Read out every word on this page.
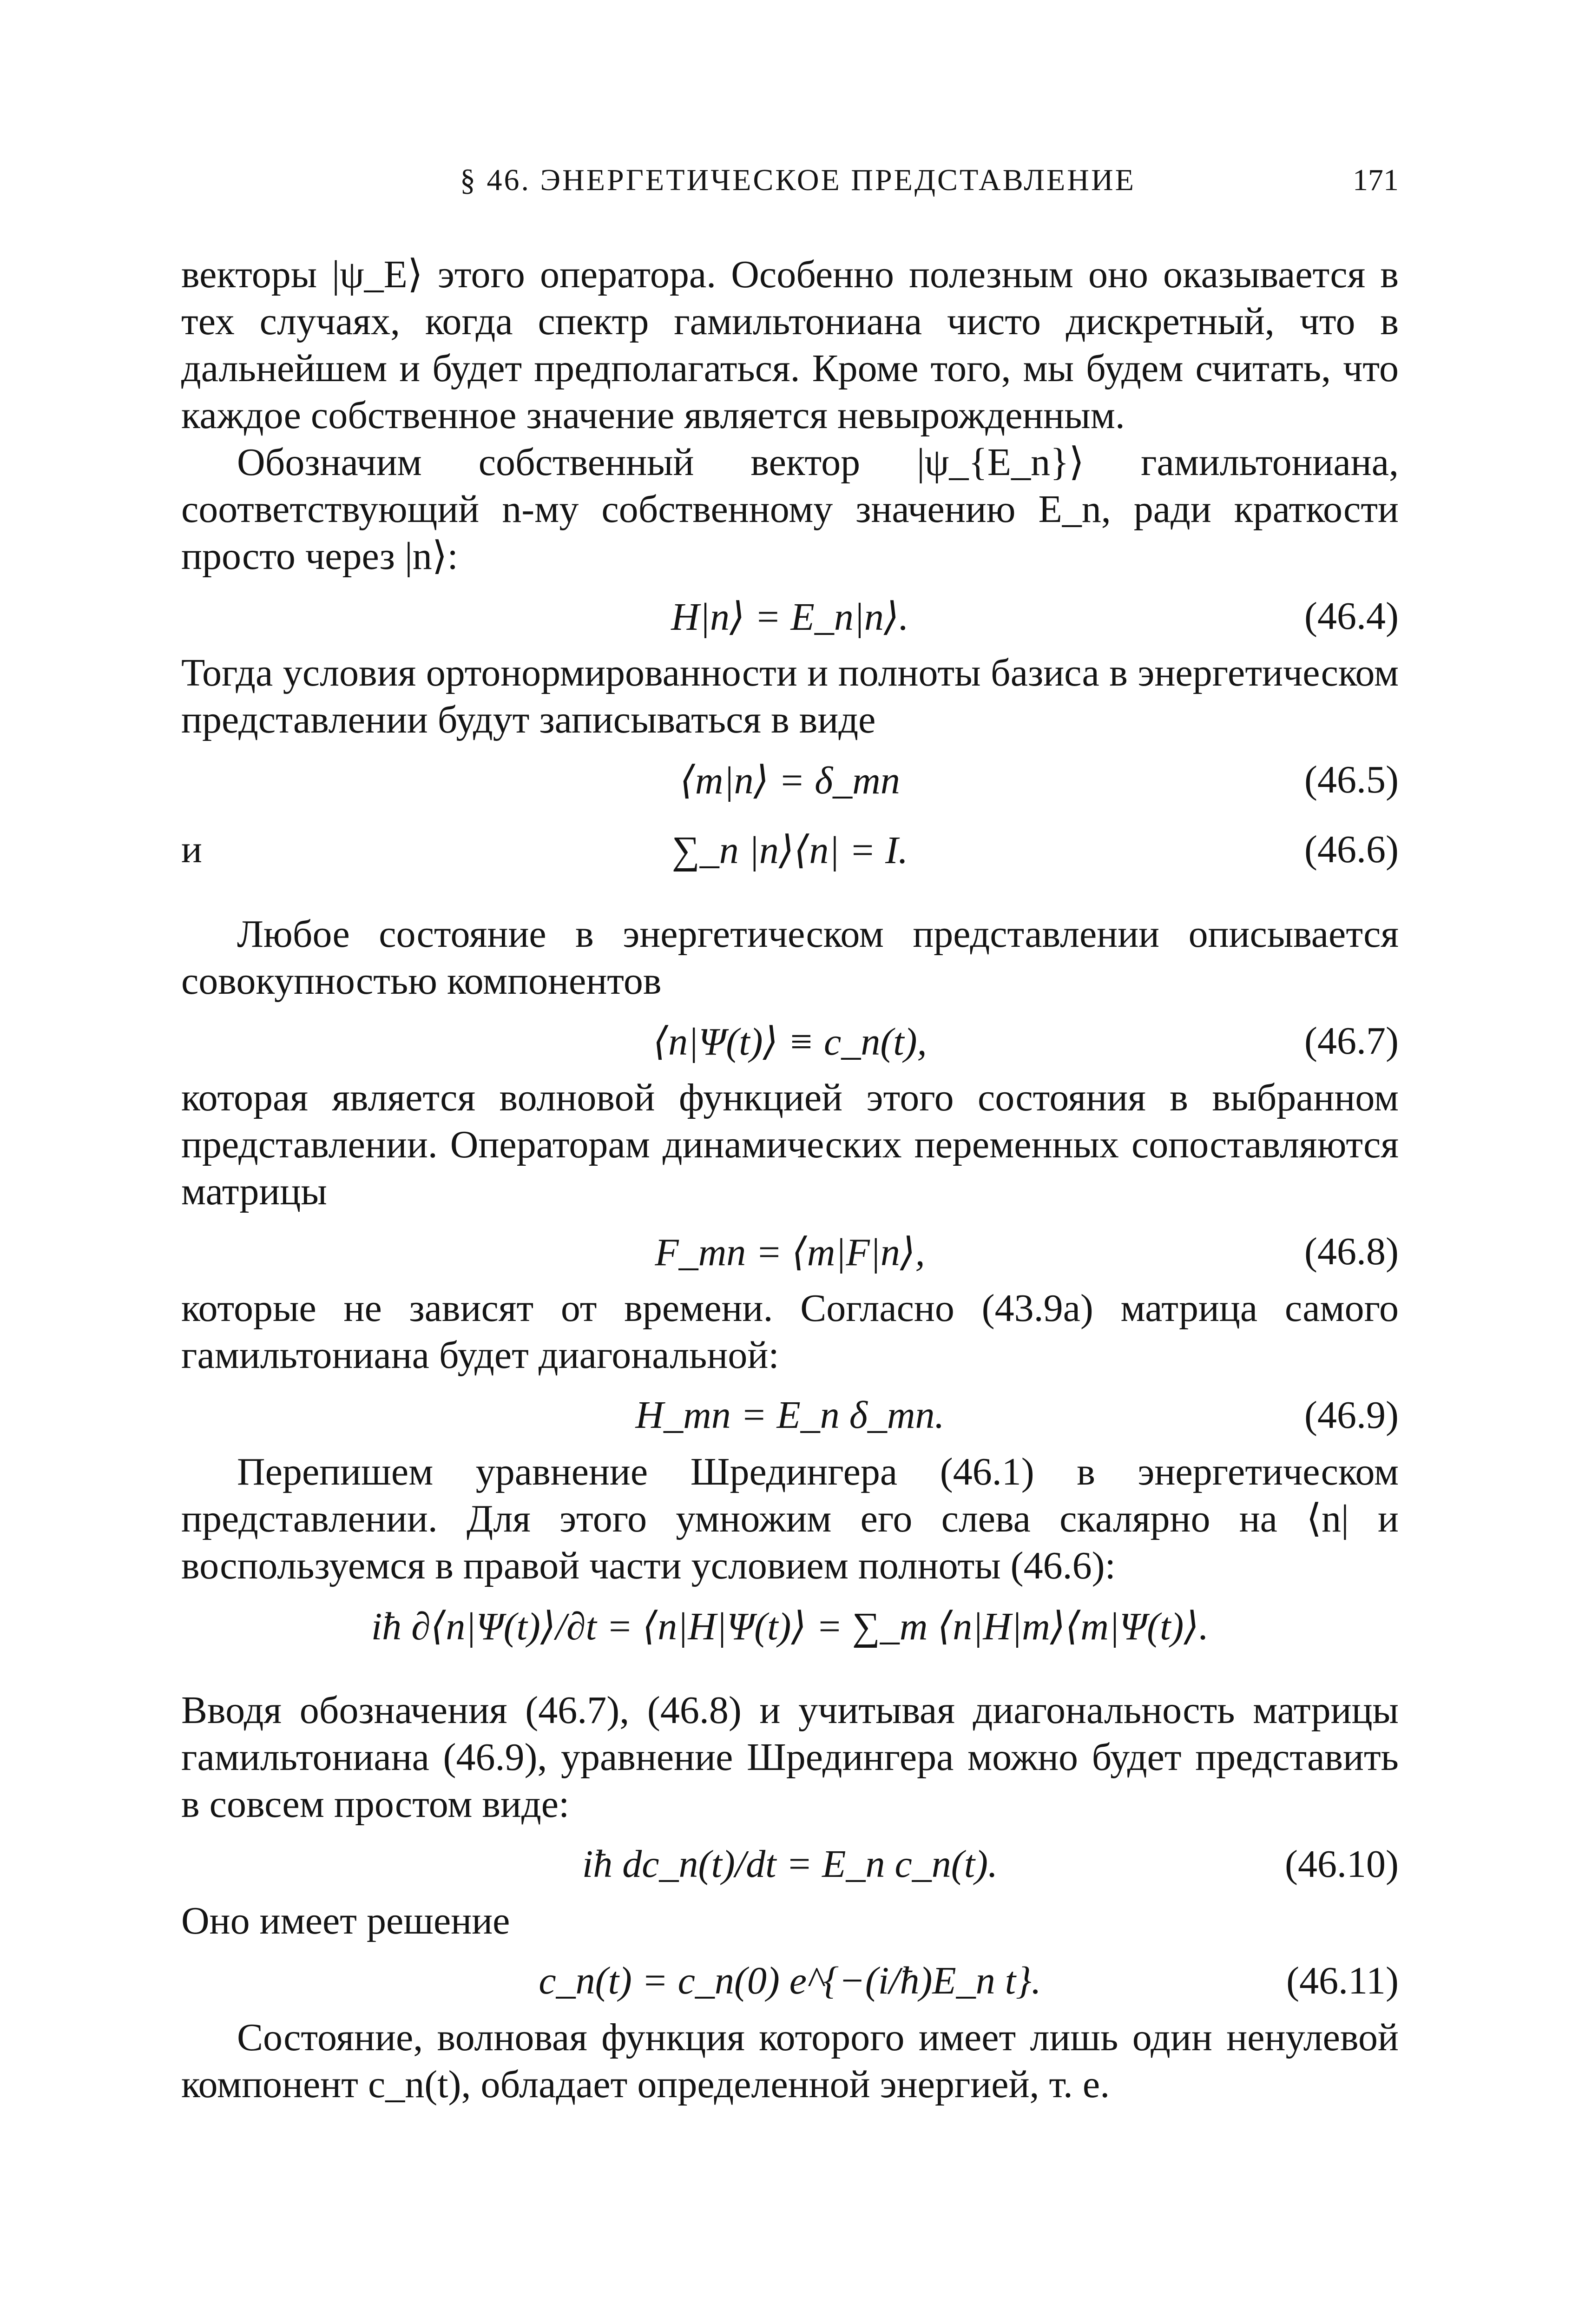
§ 46. ЭНЕРГЕТИЧЕСКОЕ ПРЕДСТАВЛЕНИЕ	171

векторы |ψ_E⟩ этого оператора. Особенно полезным оно оказывается в тех случаях, когда спектр гамильтониана чисто дискретный, что в дальнейшем и будет предполагаться. Кроме того, мы будем считать, что каждое собственное значение является невырожденным.

Обозначим собственный вектор |ψ_{E_n}⟩ гамильтониана, соответствующий n-му собственному значению E_n, ради краткости просто через |n⟩:

H|n⟩ = E_n|n⟩.	(46.4)

Тогда условия ортонормированности и полноты базиса в энергетическом представлении будут записываться в виде

⟨m|n⟩ = δ_mn	(46.5)
и	∑_n |n⟩⟨n| = I.	(46.6)

Любое состояние в энергетическом представлении описывается совокупностью компонентов

⟨n|Ψ(t)⟩ ≡ c_n(t),	(46.7)

которая является волновой функцией этого состояния в выбранном представлении. Операторам динамических переменных сопоставляются матрицы

F_mn = ⟨m|F|n⟩,	(46.8)

которые не зависят от времени. Согласно (43.9а) матрица самого гамильтониана будет диагональной:

H_mn = E_n δ_mn.	(46.9)

Перепишем уравнение Шредингера (46.1) в энергетическом представлении. Для этого умножим его слева скалярно на ⟨n| и воспользуемся в правой части условием полноты (46.6):

iħ ∂⟨n|Ψ(t)⟩/∂t = ⟨n|H|Ψ(t)⟩ = ∑_m ⟨n|H|m⟩⟨m|Ψ(t)⟩.

Вводя обозначения (46.7), (46.8) и учитывая диагональность матрицы гамильтониана (46.9), уравнение Шредингера можно будет представить в совсем простом виде:

iħ dc_n(t)/dt = E_n c_n(t).	(46.10)

Оно имеет решение

c_n(t) = c_n(0) e^{−(i/ħ)E_n t}.	(46.11)

Состояние, волновая функция которого имеет лишь один ненулевой компонент c_n(t), обладает определенной энергией, т. е.
